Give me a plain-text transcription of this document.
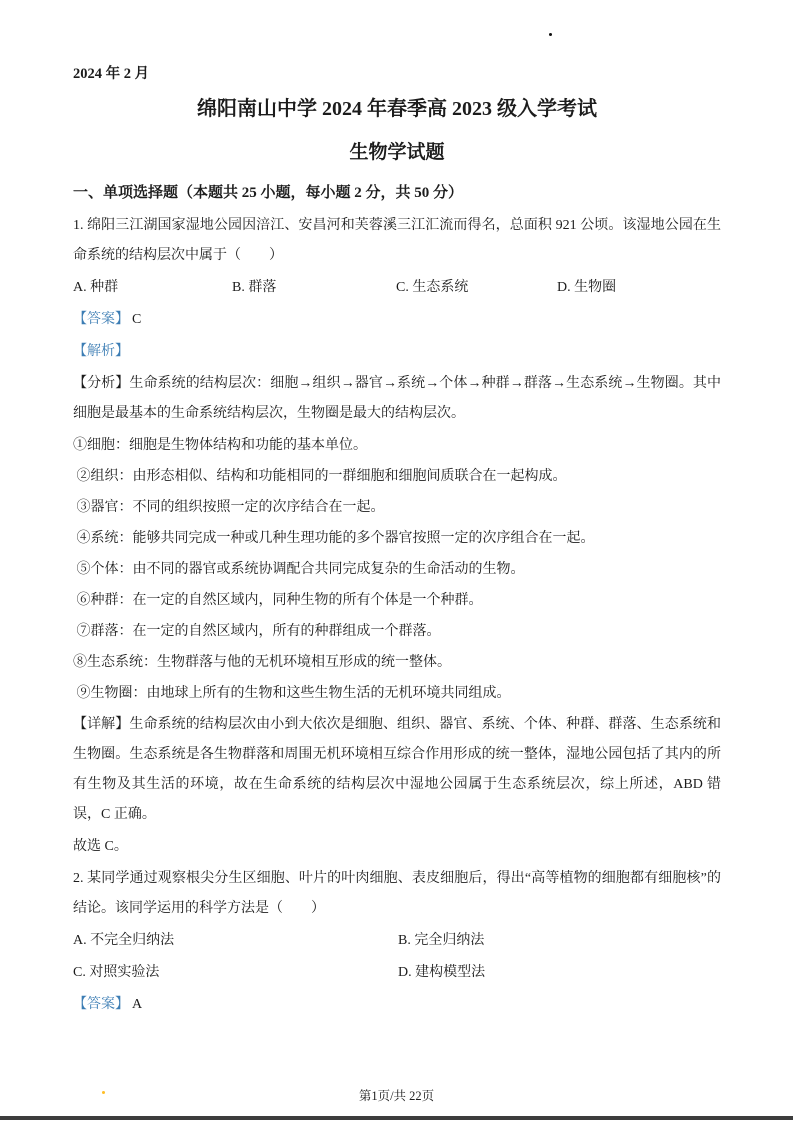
2024 年 2 月

绵阳南山中学 2024 年春季高 2023 级入学考试
生物学试题

一、单项选择题（本题共 25 小题，每小题 2 分，共 50 分）

1. 绵阳三江湖国家湿地公园因涪江、安昌河和芙蓉溪三江汇流而得名，总面积 921 公顷。该湿地公园在生命系统的结构层次中属于（　　）

A. 种群	B. 群落	C. 生态系统	D. 生物圈

【答案】 C

【解析】

【分析】生命系统的结构层次：细胞→组织→器官→系统→个体→种群→群落→生态系统→生物圈。其中细胞是最基本的生命系统结构层次，生物圈是最大的结构层次。

①细胞：细胞是生物体结构和功能的基本单位。

②组织：由形态相似、结构和功能相同的一群细胞和细胞间质联合在一起构成。

③器官：不同的组织按照一定的次序结合在一起。

④系统：能够共同完成一种或几种生理功能的多个器官按照一定的次序组合在一起。

⑤个体：由不同的器官或系统协调配合共同完成复杂的生命活动的生物。

⑥种群：在一定的自然区域内，同种生物的所有个体是一个种群。

⑦群落：在一定的自然区域内，所有的种群组成一个群落。

⑧生态系统：生物群落与他的无机环境相互形成的统一整体。

⑨生物圈：由地球上所有的生物和这些生物生活的无机环境共同组成。

【详解】生命系统的结构层次由小到大依次是细胞、组织、器官、系统、个体、种群、群落、生态系统和生物圈。生态系统是各生物群落和周围无机环境相互综合作用形成的统一整体，湿地公园包括了其内的所有生物及其生活的环境，故在生命系统的结构层次中湿地公园属于生态系统层次，综上所述，ABD 错误，C 正确。

故选 C。

2. 某同学通过观察根尖分生区细胞、叶片的叶肉细胞、表皮细胞后，得出“高等植物的细胞都有细胞核”的结论。该同学运用的科学方法是（　　）

A. 不完全归纳法	B. 完全归纳法
C. 对照实验法	D. 建构模型法

【答案】 A

第1页/共 22页
